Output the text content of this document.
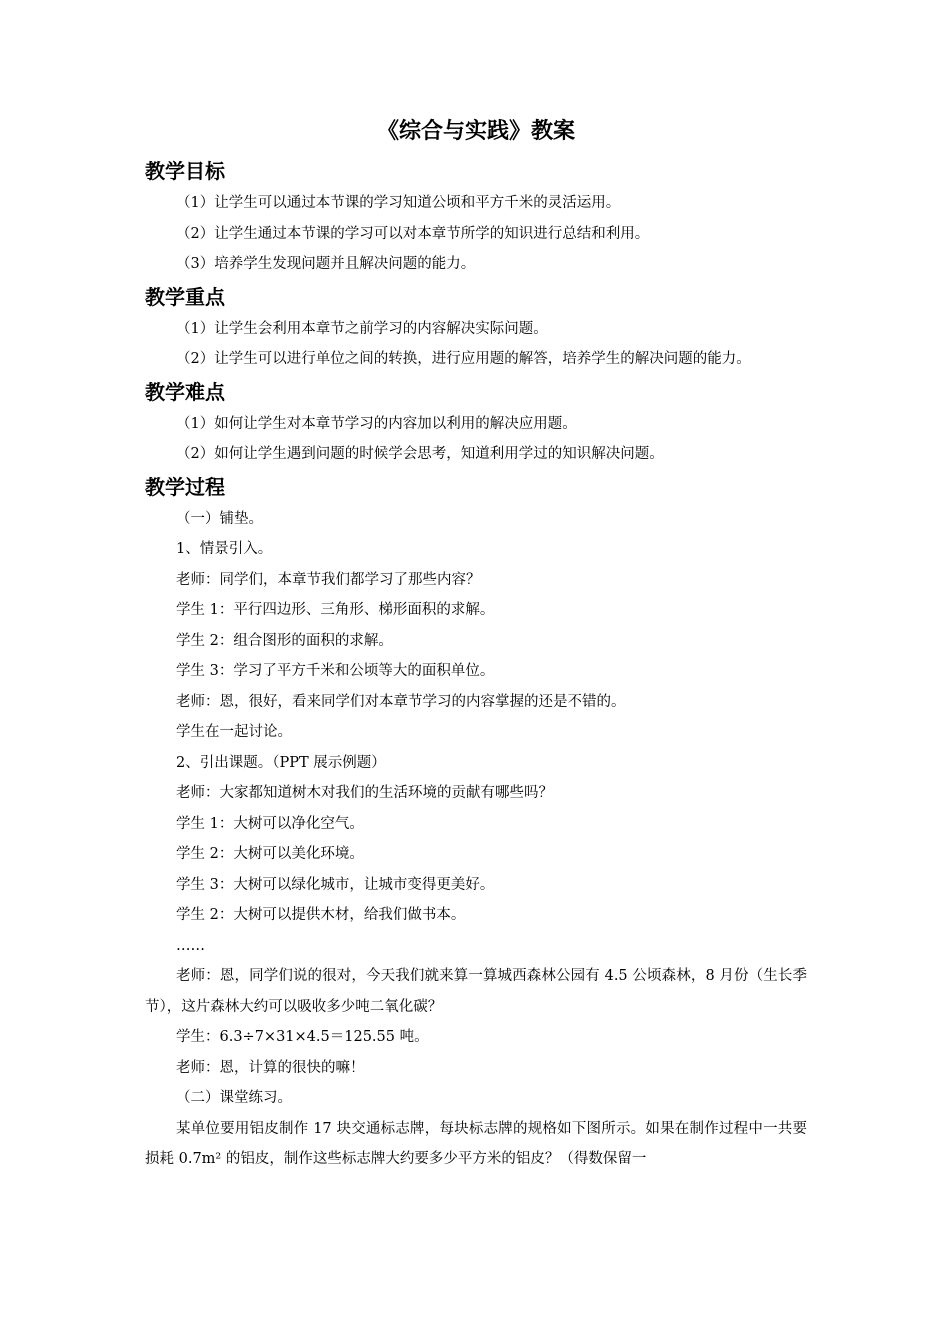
《综合与实践》教案
教学目标

（1）让学生可以通过本节课的学习知道公顷和平方千米的灵活运用。

（2）让学生通过本节课的学习可以对本章节所学的知识进行总结和利用。

（3）培养学生发现问题并且解决问题的能力。

教学重点

（1）让学生会利用本章节之前学习的内容解决实际问题。

（2）让学生可以进行单位之间的转换，进行应用题的解答，培养学生的解决问题的能力。

教学难点

（1）如何让学生对本章节学习的内容加以利用的解决应用题。

（2）如何让学生遇到问题的时候学会思考，知道利用学过的知识解决问题。

教学过程

（一）铺垫。

1、情景引入。

老师：同学们，本章节我们都学习了那些内容？

学生 1：平行四边形、三角形、梯形面积的求解。

学生 2：组合图形的面积的求解。

学生 3：学习了平方千米和公顷等大的面积单位。

老师：恩，很好，看来同学们对本章节学习的内容掌握的还是不错的。

学生在一起讨论。

2、引出课题。（PPT 展示例题）

老师：大家都知道树木对我们的生活环境的贡献有哪些吗？

学生 1：大树可以净化空气。

学生 2：大树可以美化环境。

学生 3：大树可以绿化城市，让城市变得更美好。

学生 2：大树可以提供木材，给我们做书本。

……

老师：恩，同学们说的很对，今天我们就来算一算城西森林公园有 4.5 公顷森林，8 月份（生长季节），这片森林大约可以吸收多少吨二氧化碳？

学生：6.3÷7×31×4.5＝125.55 吨。

老师：恩，计算的很快的嘛！

（二）课堂练习。

某单位要用铝皮制作 17 块交通标志牌，每块标志牌的规格如下图所示。如果在制作过程中一共要损耗 0.7m² 的铝皮，制作这些标志牌大约要多少平方米的铝皮？（得数保留一
